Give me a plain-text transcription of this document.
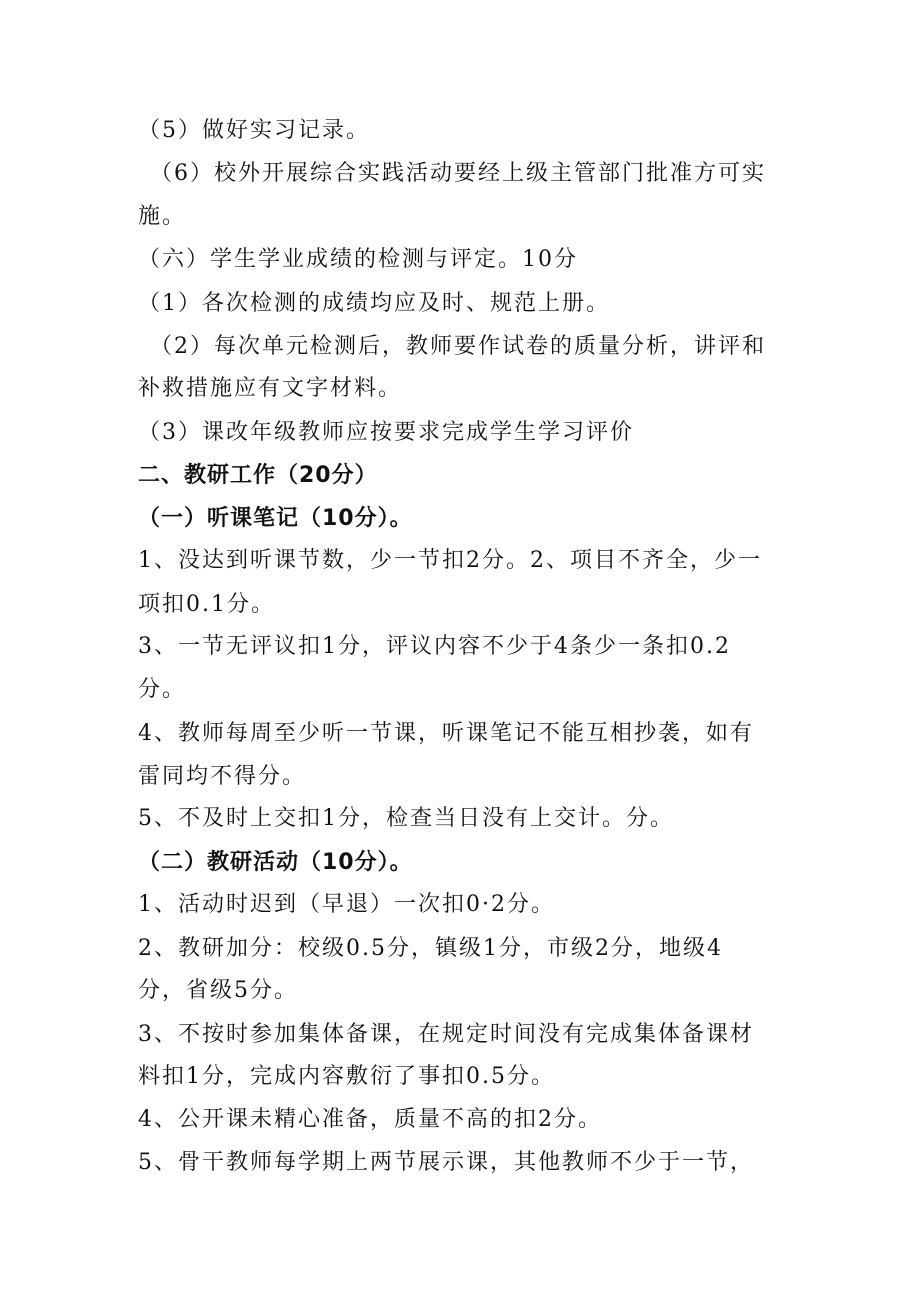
（5）做好实习记录。
（6）校外开展综合实践活动要经上级主管部门批准方可实
施。
（六）学生学业成绩的检测与评定。10分
（1）各次检测的成绩均应及时、规范上册。
（2）每次单元检测后，教师要作试卷的质量分析，讲评和
补救措施应有文字材料。
（3）课改年级教师应按要求完成学生学习评价
二、教研工作（20分）
（一）听课笔记（10分）。
1、没达到听课节数，少一节扣2分。2、项目不齐全，少一
项扣0.1分。
3、一节无评议扣1分，评议内容不少于4条少一条扣0.2
分。
4、教师每周至少听一节课，听课笔记不能互相抄袭，如有
雷同均不得分。
5、不及时上交扣1分，检查当日没有上交计。分。
（二）教研活动（10分）。
1、活动时迟到（早退）一次扣0·2分。
2、教研加分：校级0.5分，镇级1分，市级2分，地级4
分，省级5分。
3、不按时参加集体备课，在规定时间没有完成集体备课材
料扣1分，完成内容敷衍了事扣0.5分。
4、公开课未精心准备，质量不高的扣2分。
5、骨干教师每学期上两节展示课，其他教师不少于一节，
